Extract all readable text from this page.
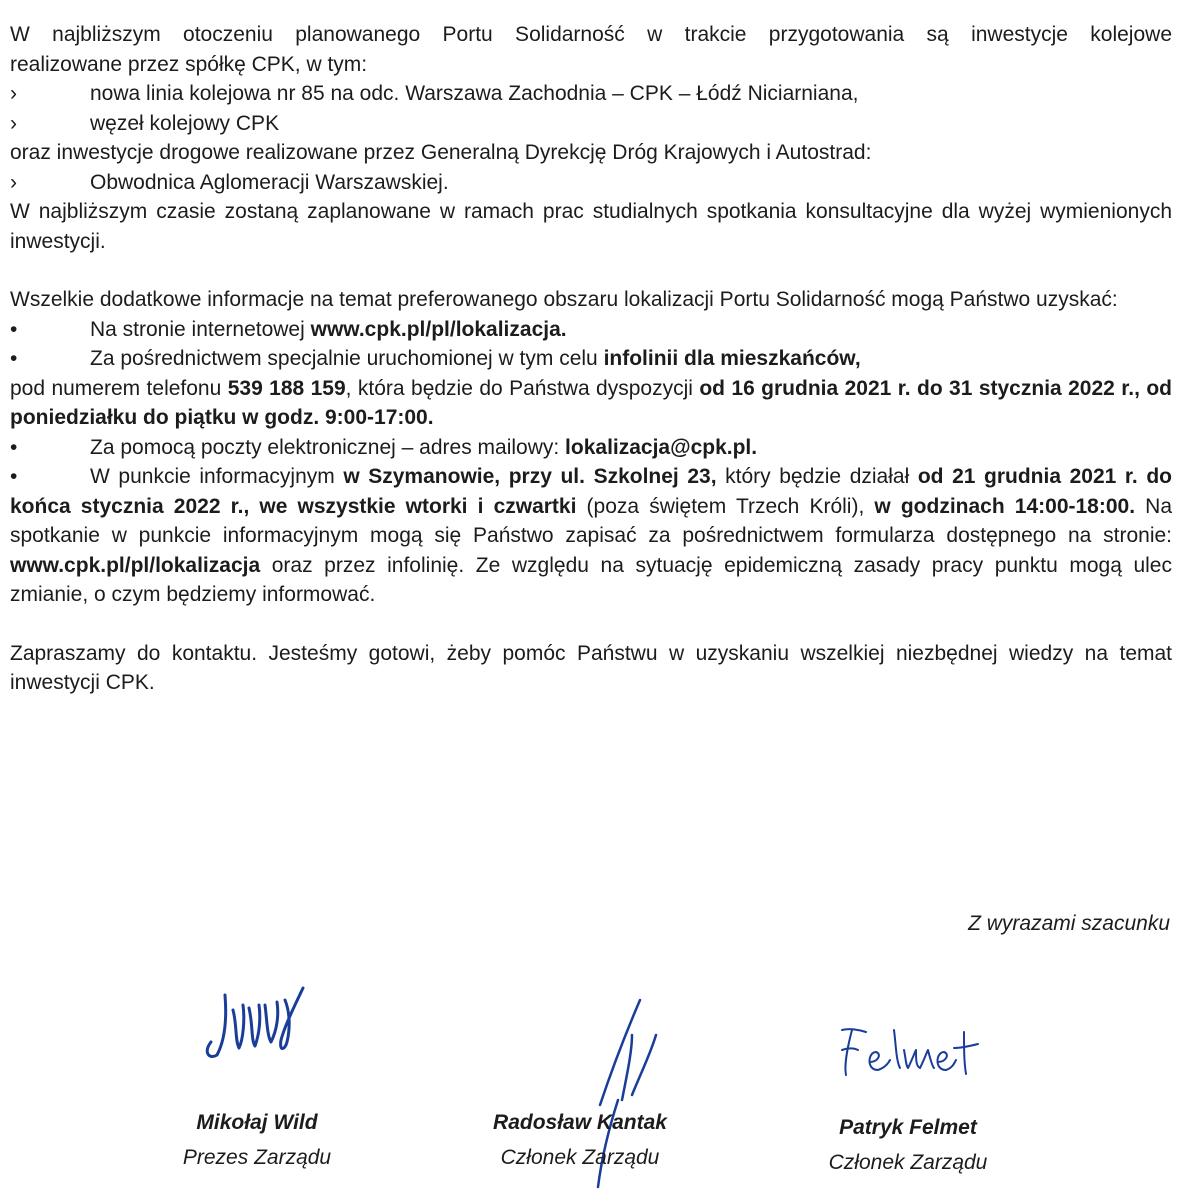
W najbliższym otoczeniu planowanego Portu Solidarność w trakcie przygotowania są inwestycje kolejowe

realizowane przez spółkę CPK, w tym:

›	nowa linia kolejowa nr 85 na odc. Warszawa Zachodnia – CPK – Łódź Niciarniana,

›	węzeł kolejowy CPK

oraz inwestycje drogowe realizowane przez Generalną Dyrekcję Dróg Krajowych i Autostrad:

›	Obwodnica Aglomeracji Warszawskiej.

W najbliższym czasie zostaną zaplanowane w ramach prac studialnych spotkania konsultacyjne dla wyżej wymienionych inwestycji.

Wszelkie dodatkowe informacje na temat preferowanego obszaru lokalizacji Portu Solidarność mogą Państwo uzyskać:

•	Na stronie internetowej www.cpk.pl/pl/lokalizacja.

•	Za pośrednictwem specjalnie uruchomionej w tym celu infolinii dla mieszkańców,

pod numerem telefonu 539 188 159, która będzie do Państwa dyspozycji od 16 grudnia 2021 r. do 31 stycznia 2022 r., od poniedziałku do piątku w godz. 9:00-17:00.

•	Za pomocą poczty elektronicznej – adres mailowy: lokalizacja@cpk.pl.

•	W punkcie informacyjnym w Szymanowie, przy ul. Szkolnej 23, który będzie działał od 21 grudnia 2021 r. do końca stycznia 2022 r., we wszystkie wtorki i czwartki (poza świętem Trzech Króli), w godzinach 14:00-18:00. Na spotkanie w punkcie informacyjnym mogą się Państwo zapisać za pośrednictwem formularza dostępnego na stronie: www.cpk.pl/pl/lokalizacja oraz przez infolinię. Ze względu na sytuację epidemiczną zasady pracy punktu mogą ulec zmianie, o czym będziemy informować.

Zapraszamy do kontaktu. Jesteśmy gotowi, żeby pomóc Państwu w uzyskaniu wszelkiej niezbędnej wiedzy na temat inwestycji CPK.

Z wyrazami szacunku
Mikołaj Wild
Prezes Zarządu
Radosław Kantak
Członek Zarządu
Patryk Felmet
Członek Zarządu
